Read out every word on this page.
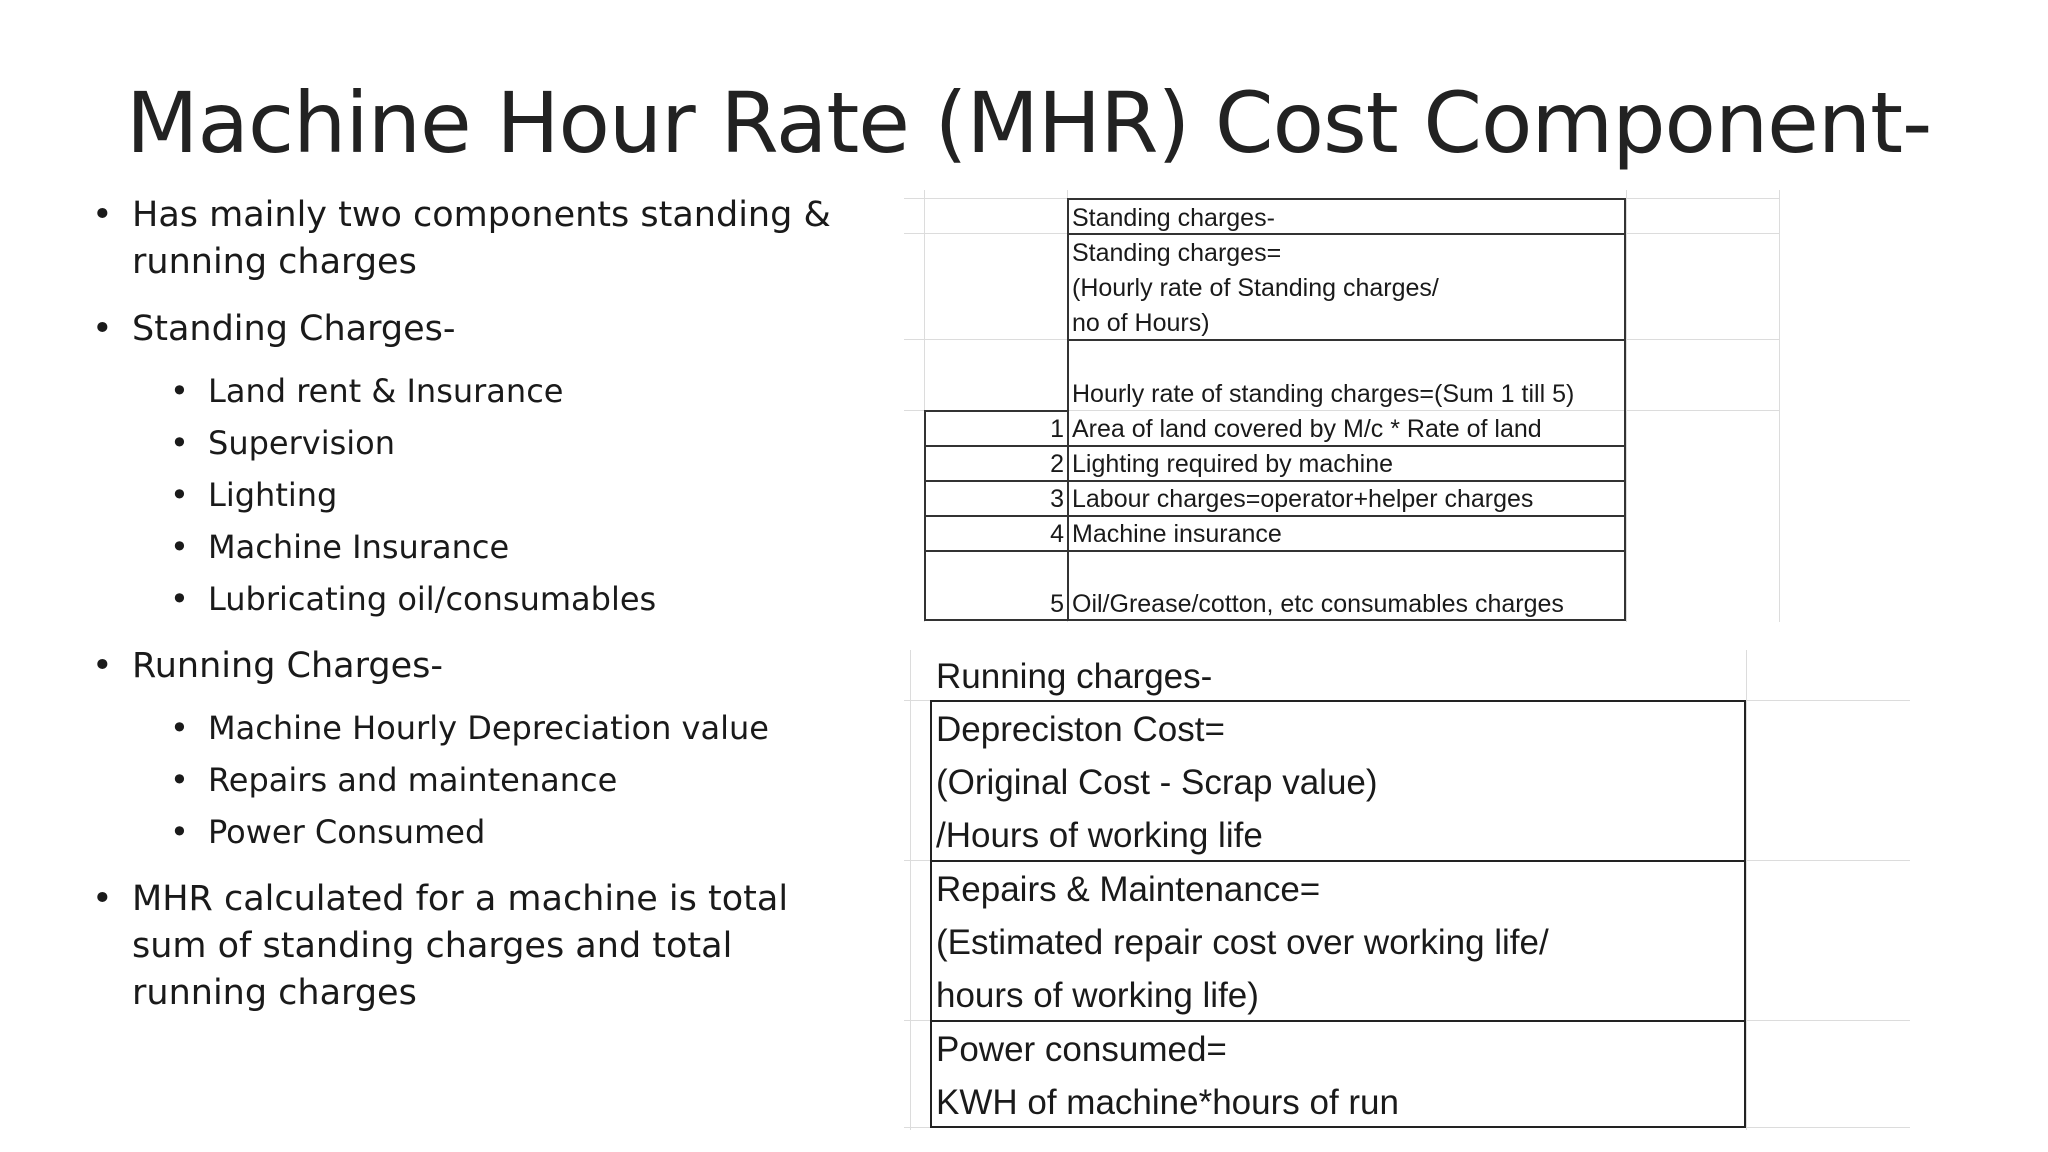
Machine Hour Rate (MHR) Cost Component-
• Has mainly two components standing & running charges
• Standing Charges-
• Land rent & Insurance
• Supervision
• Lighting
• Machine Insurance
• Lubricating oil/consumables
• Running Charges-
• Machine Hourly Depreciation value
• Repairs and maintenance
• Power Consumed
• MHR calculated for a machine is total sum of standing charges and total running charges
Standing charges-
Standing charges=
(Hourly rate of Standing charges/
no of Hours)
Hourly rate of standing charges=(Sum 1 till 5)
1 Area of land covered by M/c * Rate of land
2 Lighting required by machine
3 Labour charges=operator+helper charges
4 Machine insurance
5 Oil/Grease/cotton, etc consumables charges
Running charges-
Depreciston Cost=
(Original Cost - Scrap value)
/Hours of working life
Repairs & Maintenance=
(Estimated repair cost over working life/
hours of working life)
Power consumed=
KWH of machine*hours of run
